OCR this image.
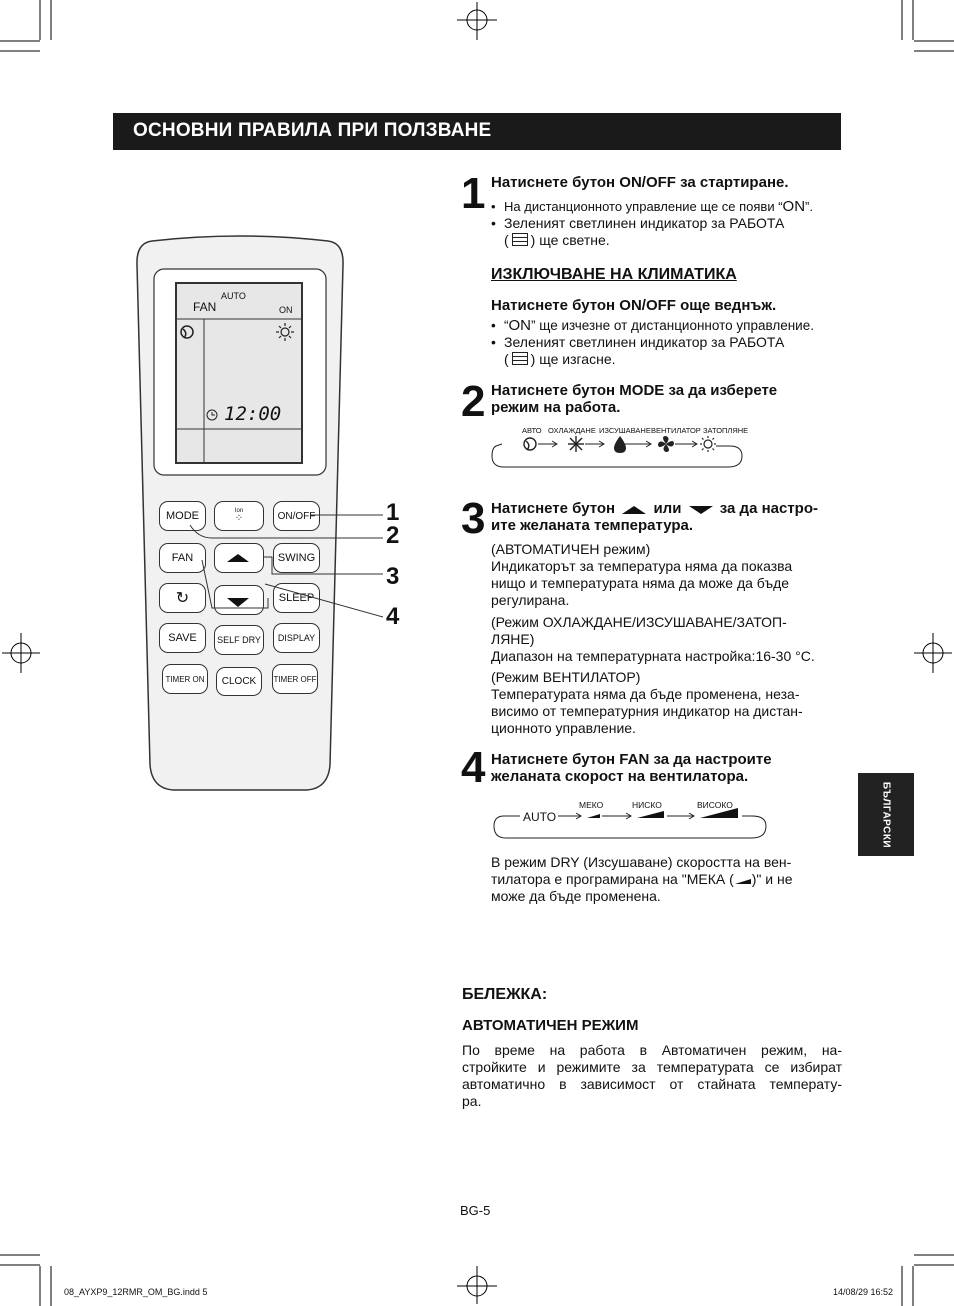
ОСНОВНИ ПРАВИЛА ПРИ ПОЛЗВАНЕ
AUTO
FAN	ON
12:00
MODE	Ion
⁘	ON/OFF
FAN	SWING
↻	SLEEP
SAVE	SELF DRY	DISPLAY
TIMER ON	CLOCK	TIMER OFF
1
2
3
4
1 Натиснете бутон ON/OFF за стартиране.
• На дистанционното управление ще се появи “ON”.
• Зеленият светлинен индикатор за РАБОТА
( ) ще светне.
ИЗКЛЮЧВАНЕ НА КЛИМАТИКА
Натиснете бутон ON/OFF още веднъж.
• “ON” ще изчезне от дистанционното управление.
• Зеленият светлинен индикатор за РАБОТА
( ) ще изгасне.
2 Натиснете бутон MODE за да изберете
режим на работа.
АВТО ОХЛАЖДАНЕ ИЗСУШАВАНЕ ВЕНТИЛАТОР ЗАТОПЛЯНЕ
3 Натиснете бутон	или	за да настро-
ите желаната температура.
(АВТОМАТИЧЕН режим)
Индикаторът за температура няма да показва
нищо и температурата няма да може да бъде
регулирана.
(Режим ОХЛАЖДАНЕ/ИЗСУШАВАНЕ/ЗАТОП-
ЛЯНЕ)
Диапазон на температурната настройка:16-30 °C.
(Режим ВЕНТИЛАТОР)
Температурата няма да бъде променена, неза-
висимо от температурния индикатор на дистан-
ционното управление.
4 Натиснете бутон FAN за да настроите
желаната скорост на вентилатора.
МЕКО	НИСКО	ВИСОКО
AUTO
В режим DRY (Изсушаване) скоростта на вен-
тилатора е програмирана на "МЕКА ( )" и не
може да бъде променена.
БЕЛЕЖКА:
АВТОМАТИЧЕН РЕЖИМ
По време на работа в Автоматичен режим, на-
стройките и режимите за температурата се избират
автоматично в зависимост от стайната температу-
ра.
БЪЛГАРСКИ
BG-5
08_AYXP9_12RMR_OM_BG.indd 5	14/08/29 16:52
